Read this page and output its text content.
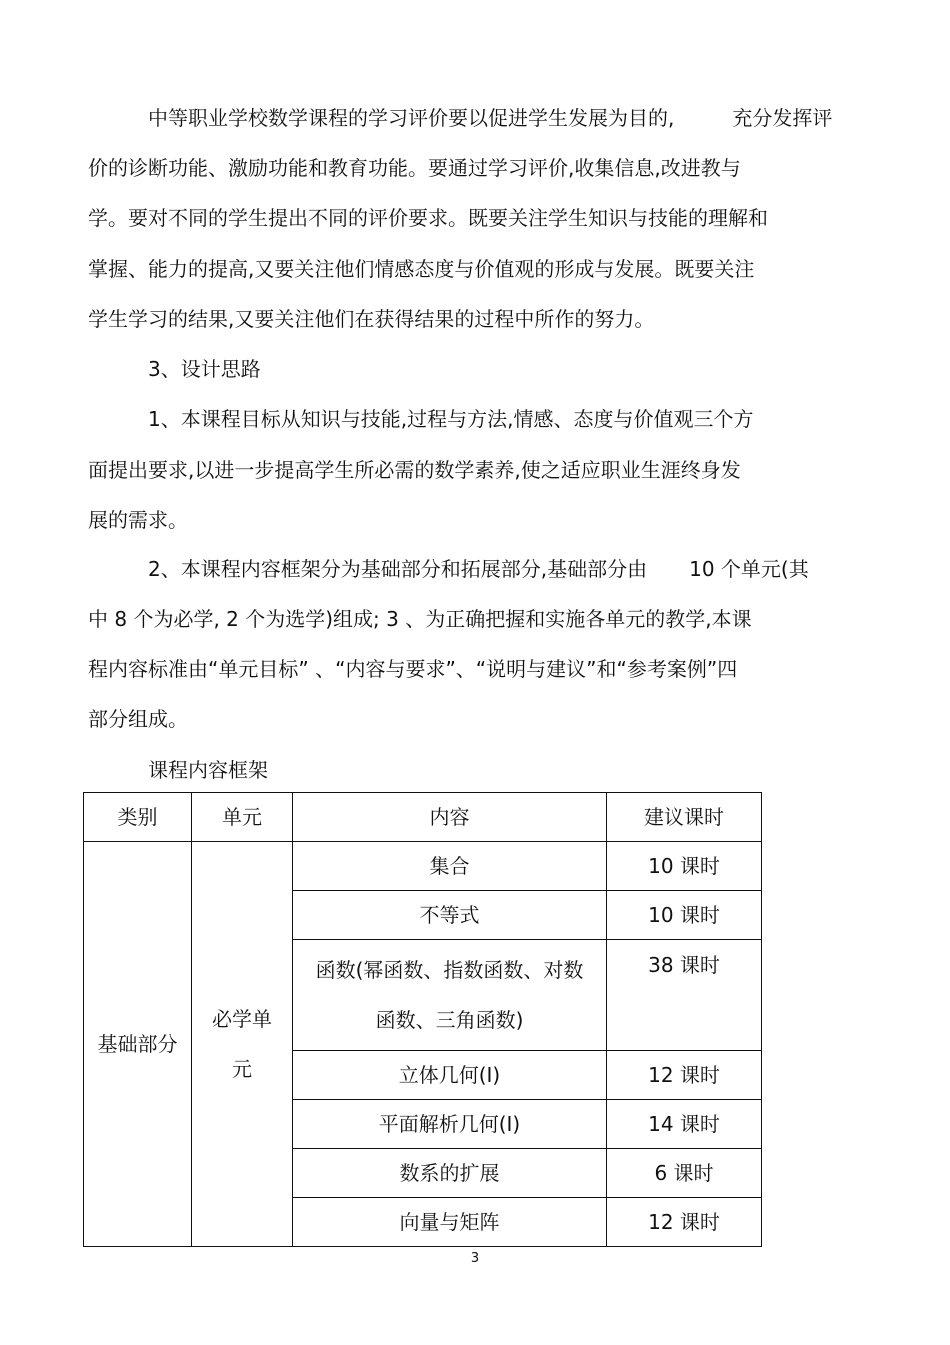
中等职业学校数学课程的学习评价要以促进学生发展为目的,	充分发挥评
价的诊断功能、激励功能和教育功能。要通过学习评价,收集信息,改进教与
学。要对不同的学生提出不同的评价要求。既要关注学生知识与技能的理解和
掌握、能力的提高,又要关注他们情感态度与价值观的形成与发展。既要关注
学生学习的结果,又要关注他们在获得结果的过程中所作的努力。
3、设计思路
1、本课程目标从知识与技能,过程与方法,情感、态度与价值观三个方
面提出要求,以进一步提高学生所必需的数学素养,使之适应职业生涯终身发
展的需求。
2、本课程内容框架分为基础部分和拓展部分,基础部分由 10 个单元(其
中 8 个为必学, 2 个为选学)组成; 3 、为正确把握和实施各单元的教学,本课
程内容标准由“单元目标” 、“内容与要求”、“说明与建议”和“参考案例”四
部分组成。
课程内容框架
类别	单元	内容	建议课时
基础部分	必学单元	集合	10 课时
		不等式	10 课时
		函数(幂函数、指数函数、对数函数、三角函数)	38 课时
		立体几何(Ⅰ)	12 课时
		平面解析几何(Ⅰ)	14 课时
		数系的扩展	6 课时
		向量与矩阵	12 课时
3
